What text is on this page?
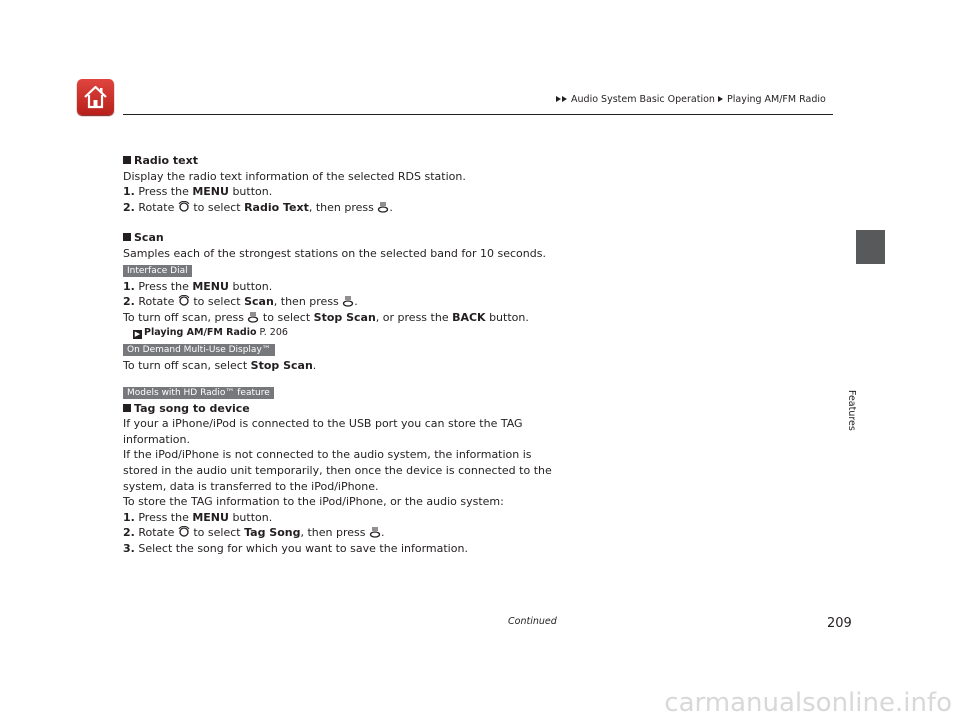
Audio System Basic Operation Playing AM/FM Radio
Features

Radio text

Display the radio text information of the selected RDS station.

1. Press the MENU button.

2. Rotate  to select Radio Text, then press .

Scan

Samples each of the strongest stations on the selected band for 10 seconds.

Interface Dial

1. Press the MENU button.

2. Rotate  to select Scan, then press .

To turn off scan, press  to select Stop Scan, or press the BACK button.

▶ Playing AM/FM Radio P. 206

On Demand Multi-Use Display™

To turn off scan, select Stop Scan.

Models with HD Radio™ feature

Tag song to device

If your a iPhone/iPod is connected to the USB port you can store the TAG information.

If the iPod/iPhone is not connected to the audio system, the information is stored in the audio unit temporarily, then once the device is connected to the system, data is transferred to the iPod/iPhone.

To store the TAG information to the iPod/iPhone, or the audio system:

1. Press the MENU button.

2. Rotate  to select Tag Song, then press .

3. Select the song for which you want to save the information.

Continued	209
carmanualsonline.info
